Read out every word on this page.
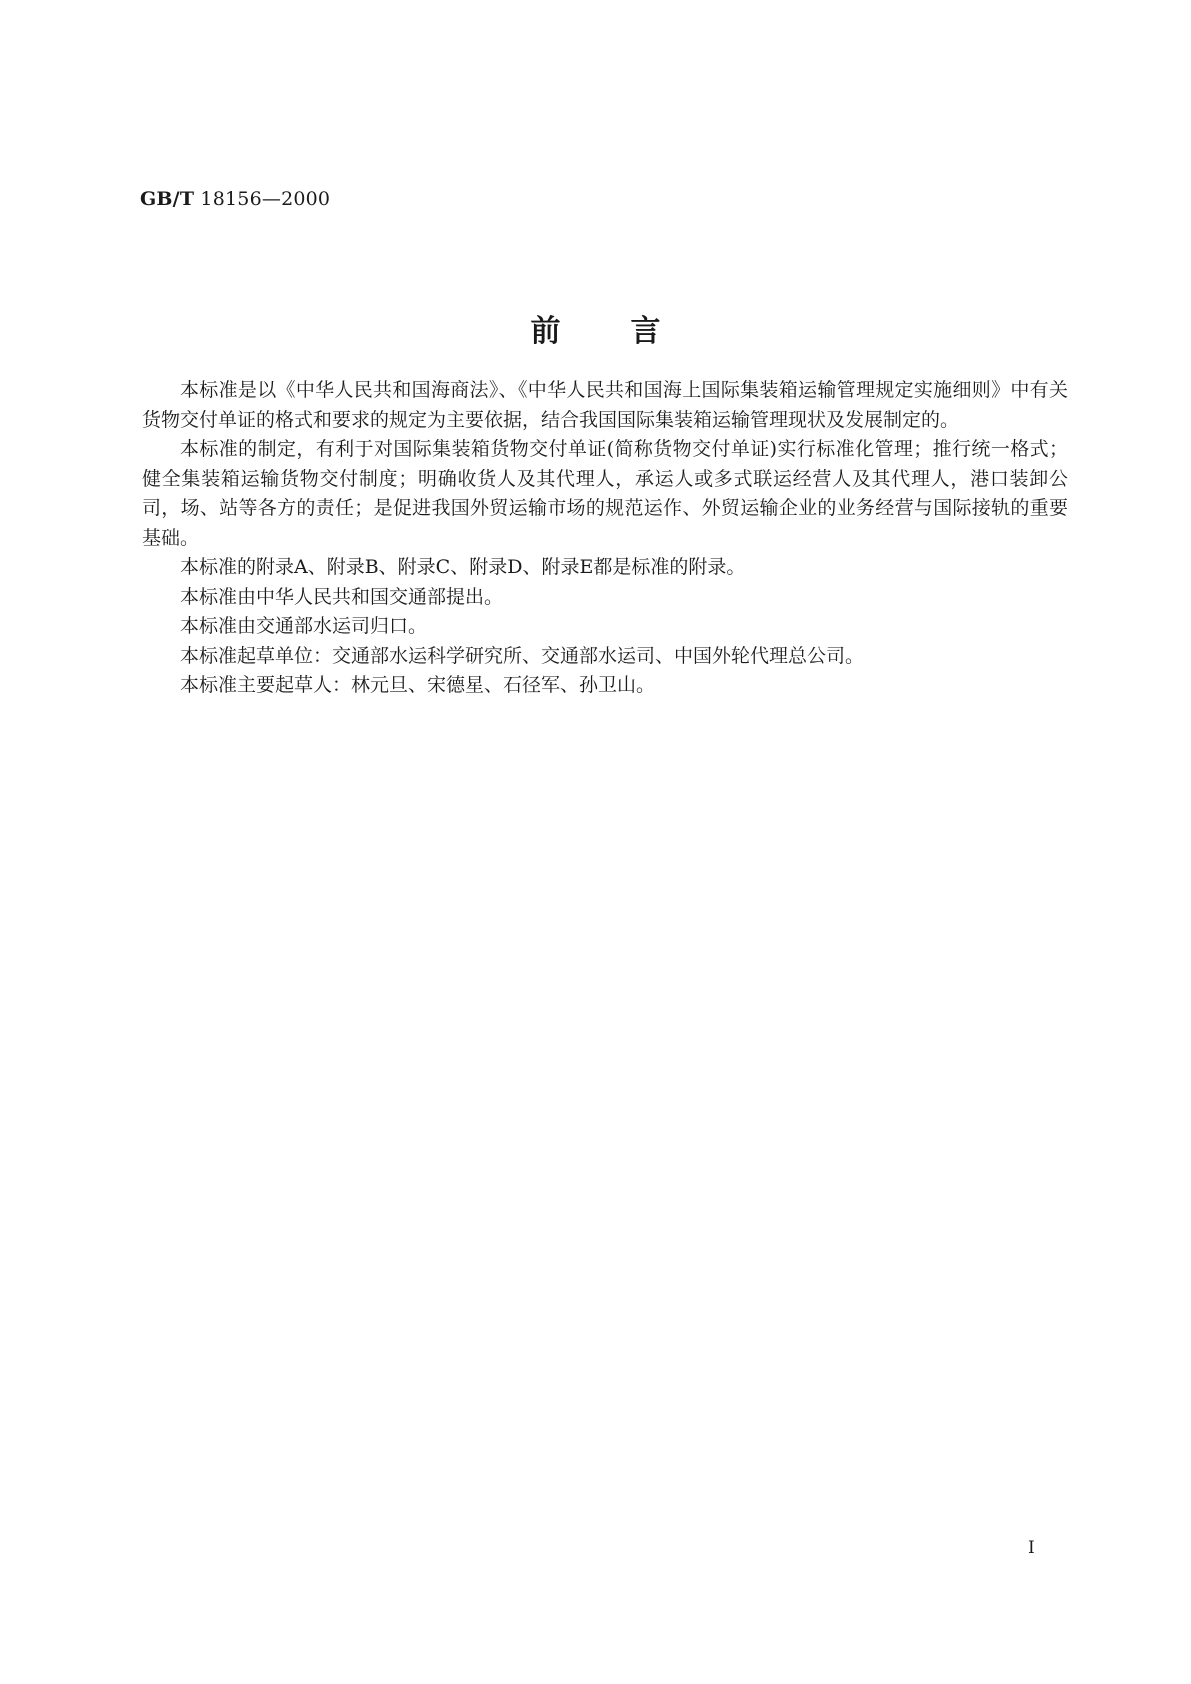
GB/T 18156—2000
前 言

本标准是以《中华人民共和国海商法》、《中华人民共和国海上国际集装箱运输管理规定实施细则》中有关货物交付单证的格式和要求的规定为主要依据，结合我国国际集装箱运输管理现状及发展制定的。

本标准的制定，有利于对国际集装箱货物交付单证(简称货物交付单证)实行标准化管理；推行统一格式；健全集装箱运输货物交付制度；明确收货人及其代理人，承运人或多式联运经营人及其代理人，港口装卸公司，场、站等各方的责任；是促进我国外贸运输市场的规范运作、外贸运输企业的业务经营与国际接轨的重要基础。

本标准的附录A、附录B、附录C、附录D、附录E都是标准的附录。

本标准由中华人民共和国交通部提出。

本标准由交通部水运司归口。

本标准起草单位：交通部水运科学研究所、交通部水运司、中国外轮代理总公司。

本标准主要起草人：林元旦、宋德星、石径军、孙卫山。

I
